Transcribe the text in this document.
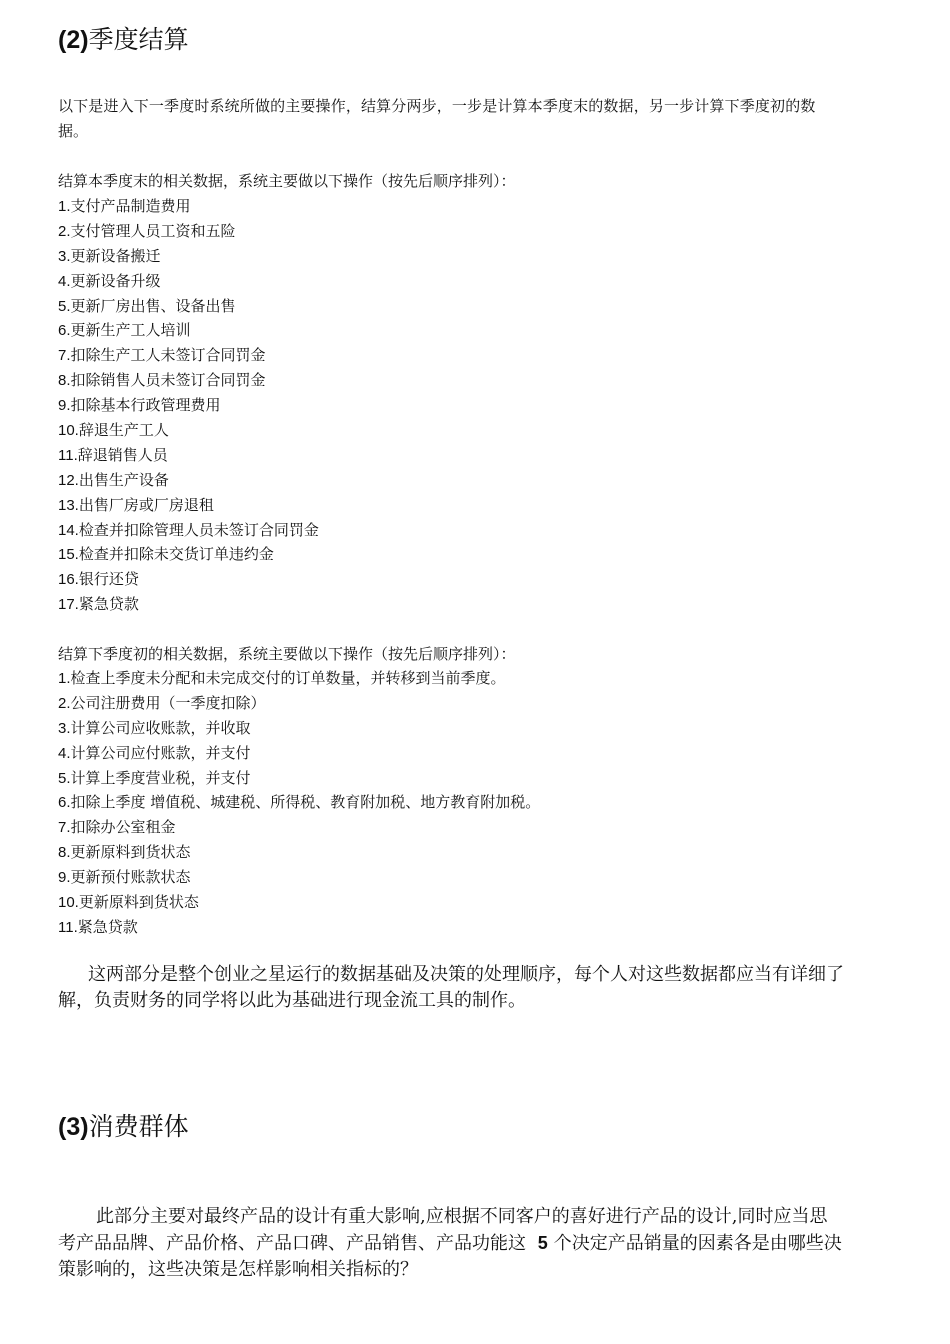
(2)季度结算

以下是进入下一季度时系统所做的主要操作，结算分两步，一步是计算本季度末的数据，另一步计算下季度初的数

据。

结算本季度末的相关数据，系统主要做以下操作（按先后顺序排列）：

1.支付产品制造费用
2.支付管理人员工资和五险
3.更新设备搬迁
4.更新设备升级
5.更新厂房出售、设备出售
6.更新生产工人培训
7.扣除生产工人未签订合同罚金
8.扣除销售人员未签订合同罚金
9.扣除基本行政管理费用
10.辞退生产工人
11.辞退销售人员
12.出售生产设备
13.出售厂房或厂房退租
14.检查并扣除管理人员未签订合同罚金
15.检查并扣除未交货订单违约金
16.银行还贷
17.紧急贷款

结算下季度初的相关数据，系统主要做以下操作（按先后顺序排列）：

1.检查上季度未分配和未完成交付的订单数量，并转移到当前季度。
2.公司注册费用（一季度扣除）
3.计算公司应收账款，并收取
4.计算公司应付账款，并支付
5.计算上季度营业税，并支付
6.扣除上季度 增值税、城建税、所得税、教育附加税、地方教育附加税。
7.扣除办公室租金
8.更新原料到货状态
9.更新预付账款状态
10.更新原料到货状态
11.紧急贷款

这两部分是整个创业之星运行的数据基础及决策的处理顺序，每个人对这些数据都应当有详细了

解，负责财务的同学将以此为基础进行现金流工具的制作。

(3)消费群体

此部分主要对最终产品的设计有重大影响,应根据不同客户的喜好进行产品的设计,同时应当思

考产品品牌、产品价格、产品口碑、产品销售、产品功能这 5 个决定产品销量的因素各是由哪些决

策影响的，这些决策是怎样影响相关指标的？
